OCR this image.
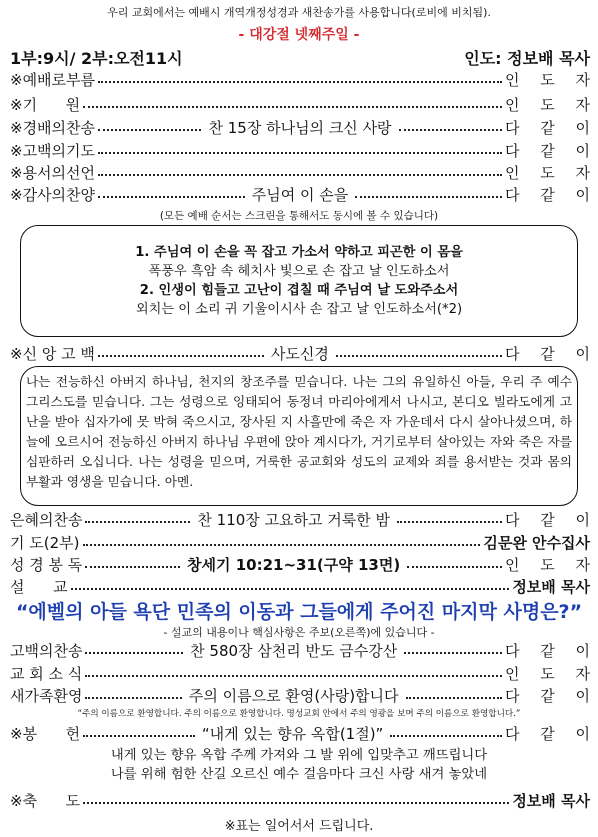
우리 교회에서는 예배시 개역개정성경과 새찬송가를 사용합니다(로비에 비치됨).
- 대강절 넷째주일 -
1부:9시/ 2부:오전11시	인도: 정보배 목사
※예배로부름	인 도 자
※기      원	인 도 자
※경배의찬송	찬 15장 하나님의 크신 사랑	다 같 이
※고백의기도	다 같 이
※용서의선언	인 도 자
※감사의찬양	주님여 이 손을	다 같 이
(모든 예배 순서는 스크린을 통해서도 동시에 볼 수 있습니다)
1. 주님여 이 손을 꼭 잡고 가소서 약하고 피곤한 이 몸을
폭풍우 흑암 속 헤치사 빛으로 손 잡고 날 인도하소서
2. 인생이 힘들고 고난이 겹칠 때 주님여 날 도와주소서
외치는 이 소리 귀 기울이시사 손 잡고 날 인도하소서(*2)
※신 앙 고 백	사도신경	다 같 이
나는 전능하신 아버지 하나님, 천지의 창조주를 믿습니다. 나는 그의 유일하신 아들, 우리 주 예수 그리스도를 믿습니다. 그는 성령으로 잉태되어 동정녀 마리아에게서 나시고, 본디오 빌라도에게 고난을 받아 십자가에 못 박혀 죽으시고, 장사된 지 사흘만에 죽은 자 가운데서 다시 살아나셨으며, 하늘에 오르시어 전능하신 아버지 하나님 우편에 앉아 계시다가, 거기로부터 살아있는 자와 죽은 자를 심판하러 오십니다. 나는 성령을 믿으며, 거룩한 공교회와 성도의 교제와 죄를 용서받는 것과 몸의 부활과 영생을 믿습니다. 아멘.
은혜의찬송	찬 110장 고요하고 거룩한 밤	다 같 이
기 도(2부)	김문완 안수집사
성 경 봉 독	창세기 10:21~31(구약 13면)	인 도 자
설      교	정보배 목사
“에벨의 아들 욕단 민족의 이동과 그들에게 주어진 마지막 사명은?”
- 설교의 내용이나 핵심사항은 주보(오른쪽)에 있습니다 -
고백의찬송	찬 580장 삼천리 반도 금수강산	다 같 이
교 회 소 식	인 도 자
새가족환영	주의 이름으로 환영(사랑)합니다	다 같 이
“주의 이름으로 환영합니다. 주의 이름으로 환영합니다. 명성교회 안에서 주의 영광을 보며 주의 이름으로 환영합니다.”
※봉      헌	“내게 있는 향유 옥합(1절)”	다 같 이
내게 있는 향유 옥합 주께 가져와 그 발 위에 입맞추고 깨뜨립니다
나를 위해 험한 산길 오르신 예수 걸음마다 크신 사랑 새겨 놓았네
※축      도	정보배 목사
※표는 일어서서 드립니다.
